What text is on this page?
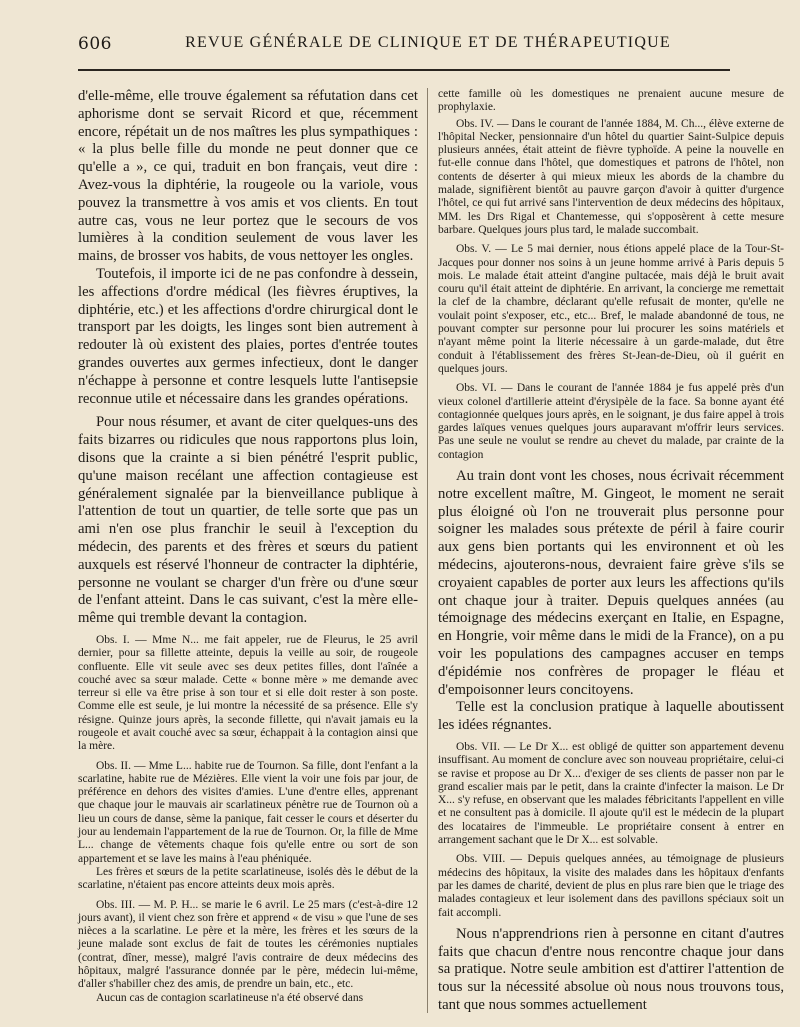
606	REVUE GÉNÉRALE DE CLINIQUE ET DE THÉRAPEUTIQUE

d'elle-même, elle trouve également sa réfutation dans cet aphorisme dont se servait Ricord et que, récemment encore, répétait un de nos maîtres les plus sympathiques : « la plus belle fille du monde ne peut donner que ce qu'elle a », ce qui, traduit en bon français, veut dire : Avez-vous la diphtérie, la rougeole ou la variole, vous pouvez la transmettre à vos amis et vos clients. En tout autre cas, vous ne leur portez que le secours de vos lumières à la condition seulement de vous laver les mains, de brosser vos habits, de vous nettoyer les ongles.

Toutefois, il importe ici de ne pas confondre à dessein, les affections d'ordre médical (les fièvres éruptives, la diphtérie, etc.) et les affections d'ordre chirurgical dont le transport par les doigts, les linges sont bien autrement à redouter là où existent des plaies, portes d'entrée toutes grandes ouvertes aux germes infectieux, dont le danger n'échappe à personne et contre lesquels lutte l'antisepsie reconnue utile et nécessaire dans les grandes opérations.

Pour nous résumer, et avant de citer quelques-uns des faits bizarres ou ridicules que nous rapportons plus loin, disons que la crainte a si bien pénétré l'esprit public, qu'une maison recélant une affection contagieuse est généralement signalée par la bienveillance publique à l'attention de tout un quartier, de telle sorte que pas un ami n'en ose plus franchir le seuil à l'exception du médecin, des parents et des frères et sœurs du patient auxquels est réservé l'honneur de contracter la diphtérie, personne ne voulant se charger d'un frère ou d'une sœur de l'enfant atteint. Dans le cas suivant, c'est la mère elle-même qui tremble devant la contagion.

Obs. I. — Mme N... me fait appeler, rue de Fleurus, le 25 avril dernier, pour sa fillette atteinte, depuis la veille au soir, de rougeole confluente. Elle vit seule avec ses deux petites filles, dont l'aînée a couché avec sa sœur malade. Cette « bonne mère » me demande avec terreur si elle va être prise à son tour et si elle doit rester à son poste. Comme elle est seule, je lui montre la nécessité de sa présence. Elle s'y résigne. Quinze jours après, la seconde fillette, qui n'avait jamais eu la rougeole et avait couché avec sa sœur, échappait à la contagion ainsi que la mère.

Obs. II. — Mme L... habite rue de Tournon. Sa fille, dont l'enfant a la scarlatine, habite rue de Mézières. Elle vient la voir une fois par jour, de préférence en dehors des visites d'amies. L'une d'entre elles, apprenant que chaque jour le mauvais air scarlatineux pénètre rue de Tournon où a lieu un cours de danse, sème la panique, fait cesser le cours et déserter du jour au lendemain l'appartement de la rue de Tournon. Or, la fille de Mme L... change de vêtements chaque fois qu'elle entre ou sort de son appartement et se lave les mains à l'eau phéniquée.

Les frères et sœurs de la petite scarlatineuse, isolés dès le début de la scarlatine, n'étaient pas encore atteints deux mois après.

Obs. III. — M. P. H... se marie le 6 avril. Le 25 mars (c'est-à-dire 12 jours avant), il vient chez son frère et apprend « de visu » que l'une de ses nièces a la scarlatine. Le père et la mère, les frères et les sœurs de la jeune malade sont exclus de fait de toutes les cérémonies nuptiales (contrat, dîner, messe), malgré l'avis contraire de deux médecins des hôpitaux, malgré l'assurance donnée par le père, médecin lui-même, d'aller s'habiller chez des amis, de prendre un bain, etc., etc.

Aucun cas de contagion scarlatineuse n'a été observé dans

cette famille où les domestiques ne prenaient aucune mesure de prophylaxie.

Obs. IV. — Dans le courant de l'année 1884, M. Ch..., élève externe de l'hôpital Necker, pensionnaire d'un hôtel du quartier Saint-Sulpice depuis plusieurs années, était atteint de fièvre typhoïde. A peine la nouvelle en fut-elle connue dans l'hôtel, que domestiques et patrons de l'hôtel, non contents de déserter à qui mieux mieux les abords de la chambre du malade, signifièrent bientôt au pauvre garçon d'avoir à quitter d'urgence l'hôtel, ce qui fut arrivé sans l'intervention de deux médecins des hôpitaux, MM. les Drs Rigal et Chantemesse, qui s'opposèrent à cette mesure barbare. Quelques jours plus tard, le malade succombait.

Obs. V. — Le 5 mai dernier, nous étions appelé place de la Tour-St-Jacques pour donner nos soins à un jeune homme arrivé à Paris depuis 5 mois. Le malade était atteint d'angine pultacée, mais déjà le bruit avait couru qu'il était atteint de diphtérie. En arrivant, la concierge me remettait la clef de la chambre, déclarant qu'elle refusait de monter, qu'elle ne voulait point s'exposer, etc., etc... Bref, le malade abandonné de tous, ne pouvant compter sur personne pour lui procurer les soins matériels et n'ayant même point la literie nécessaire à un garde-malade, dut être conduit à l'établissement des frères St-Jean-de-Dieu, où il guérit en quelques jours.

Obs. VI. — Dans le courant de l'année 1884 je fus appelé près d'un vieux colonel d'artillerie atteint d'érysipèle de la face. Sa bonne ayant été contagionnée quelques jours après, en le soignant, je dus faire appel à trois gardes laïques venues quelques jours auparavant m'offrir leurs services. Pas une seule ne voulut se rendre au chevet du malade, par crainte de la contagion

Au train dont vont les choses, nous écrivait récemment notre excellent maître, M. Gingeot, le moment ne serait plus éloigné où l'on ne trouverait plus personne pour soigner les malades sous prétexte de péril à faire courir aux gens bien portants qui les environnent et où les médecins, ajouterons-nous, devraient faire grève s'ils se croyaient capables de porter aux leurs les affections qu'ils ont chaque jour à traiter. Depuis quelques années (au témoignage des médecins exerçant en Italie, en Espagne, en Hongrie, voir même dans le midi de la France), on a pu voir les populations des campagnes accuser en temps d'épidémie nos confrères de propager le fléau et d'empoisonner leurs concitoyens.

Telle est la conclusion pratique à laquelle aboutissent les idées régnantes.

Obs. VII. — Le Dr X... est obligé de quitter son appartement devenu insuffisant. Au moment de conclure avec son nouveau propriétaire, celui-ci se ravise et propose au Dr X... d'exiger de ses clients de passer non par le grand escalier mais par le petit, dans la crainte d'infecter la maison. Le Dr X... s'y refuse, en observant que les malades fébricitants l'appellent en ville et ne consultent pas à domicile. Il ajoute qu'il est le médecin de la plupart des locataires de l'immeuble. Le propriétaire consent à entrer en arrangement sachant que le Dr X... est solvable.

Obs. VIII. — Depuis quelques années, au témoignage de plusieurs médecins des hôpitaux, la visite des malades dans les hôpitaux d'enfants par les dames de charité, devient de plus en plus rare bien que le triage des malades contagieux et leur isolement dans des pavillons spéciaux soit un fait accompli.

Nous n'apprendrions rien à personne en citant d'autres faits que chacun d'entre nous rencontre chaque jour dans sa pratique. Notre seule ambition est d'attirer l'attention de tous sur la nécessité absolue où nous nous trouvons tous, tant que nous sommes actuellement
